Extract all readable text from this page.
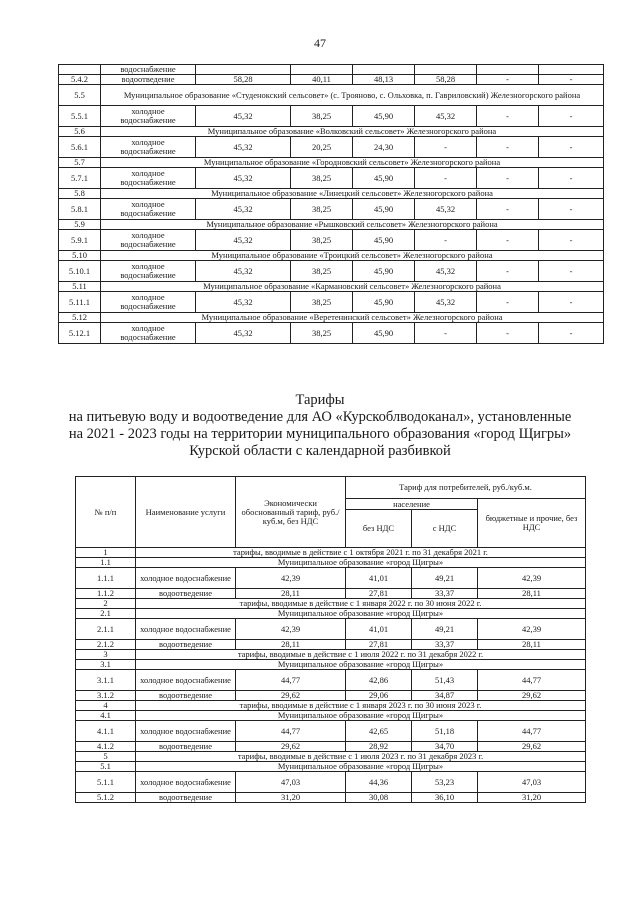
47
	водоснабжение						
5.4.2	водоотведение	58,28	40,11	48,13	58,28	-	-
5.5	Муниципальное образование «Студенокский сельсовет» (с. Трояново, с. Ольховка, п. Гавриловский) Железногорского района						
5.5.1	холодное водоснабжение	45,32	38,25	45,90	45,32	-	-
5.6	Муниципальное образование «Волковский сельсовет» Железногорского района						
5.6.1	холодное водоснабжение	45,32	20,25	24,30	-	-	-
5.7	Муниципальное образование «Городновский сельсовет» Железногорского района						
5.7.1	холодное водоснабжение	45,32	38,25	45,90	-	-	-
5.8	Муниципальное образование «Линецкий сельсовет» Железногорского района						
5.8.1	холодное водоснабжение	45,32	38,25	45,90	45,32	-	-
5.9	Муниципальное образование «Рышковский сельсовет» Железногорского района						
5.9.1	холодное водоснабжение	45,32	38,25	45,90	-	-	-
5.10	Муниципальное образование «Троицкий сельсовет» Железногорского района						
5.10.1	холодное водоснабжение	45,32	38,25	45,90	45,32	-	-
5.11	Муниципальное образование «Кармановский сельсовет» Железногорского района						
5.11.1	холодное водоснабжение	45,32	38,25	45,90	45,32	-	-
5.12	Муниципальное образование «Веретенинский сельсовет» Железногорского района						
5.12.1	холодное водоснабжение	45,32	38,25	45,90	-	-	-
Тарифы
на питьевую воду и водоотведение для АО «Курскоблводоканал», установленные
на 2021 - 2023 годы на территории муниципального образования «город Щигры»
Курской области с календарной разбивкой
№ п/п	Наименование услуги	Экономически обоснованный тариф, руб./ куб.м, без НДС	Тариф для потребителей, руб./куб.м.		
			население		бюджетные и прочие, без НДС
			без НДС	с НДС	
1	тарифы, вводимые в действие с 1 октября 2021 г. по 31 декабря 2021 г.				
1.1	Муниципальное образование «город Щигры»				
1.1.1	холодное водоснабжение	42,39	41,01	49,21	42,39
1.1.2	водоотведение	28,11	27,81	33,37	28,11
2	тарифы, вводимые в действие с 1 января 2022 г. по 30 июня 2022 г.				
2.1	Муниципальное образование «город Щигры»				
2.1.1	холодное водоснабжение	42,39	41,01	49,21	42,39
2.1.2	водоотведение	28,11	27,81	33,37	28,11
3	тарифы, вводимые в действие с 1 июля 2022 г. по 31 декабря 2022 г.				
3.1	Муниципальное образование «город Щигры»				
3.1.1	холодное водоснабжение	44,77	42,86	51,43	44,77
3.1.2	водоотведение	29,62	29,06	34,87	29,62
4	тарифы, вводимые в действие с 1 января 2023 г. по 30 июня 2023 г.				
4.1	Муниципальное образование «город Щигры»				
4.1.1	холодное водоснабжение	44,77	42,65	51,18	44,77
4.1.2	водоотведение	29,62	28,92	34,70	29,62
5	тарифы, вводимые в действие с 1 июля 2023 г. по 31 декабря 2023 г.				
5.1	Муниципальное образование «город Щигры»				
5.1.1	холодное водоснабжение	47,03	44,36	53,23	47,03
5.1.2	водоотведение	31,20	30,08	36,10	31,20
